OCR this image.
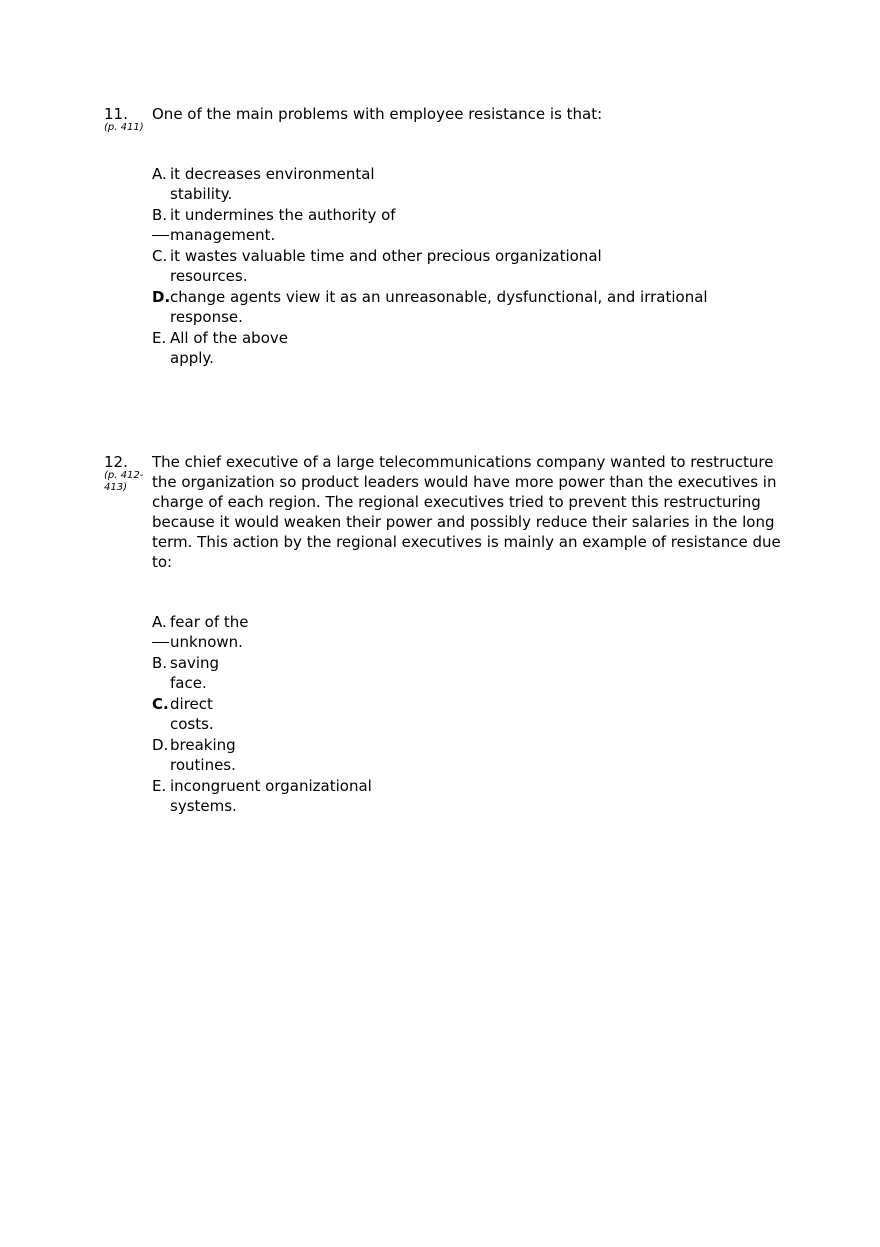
11.
(p. 411)
One of the main problems with employee resistance is that:
A. it decreases environmental stability.
B. it undermines the authority of management.
C. it wastes valuable time and other precious organizational resources.
D. change agents view it as an unreasonable, dysfunctional, and irrational response.
E. All of the above apply.
12.
(p. 412-413)
The chief executive of a large telecommunications company wanted to restructure the organization so product leaders would have more power than the executives in charge of each region. The regional executives tried to prevent this restructuring because it would weaken their power and possibly reduce their salaries in the long term. This action by the regional executives is mainly an example of resistance due to:
A. fear of the unknown.
B. saving face.
C. direct costs.
D. breaking routines.
E. incongruent organizational systems.
